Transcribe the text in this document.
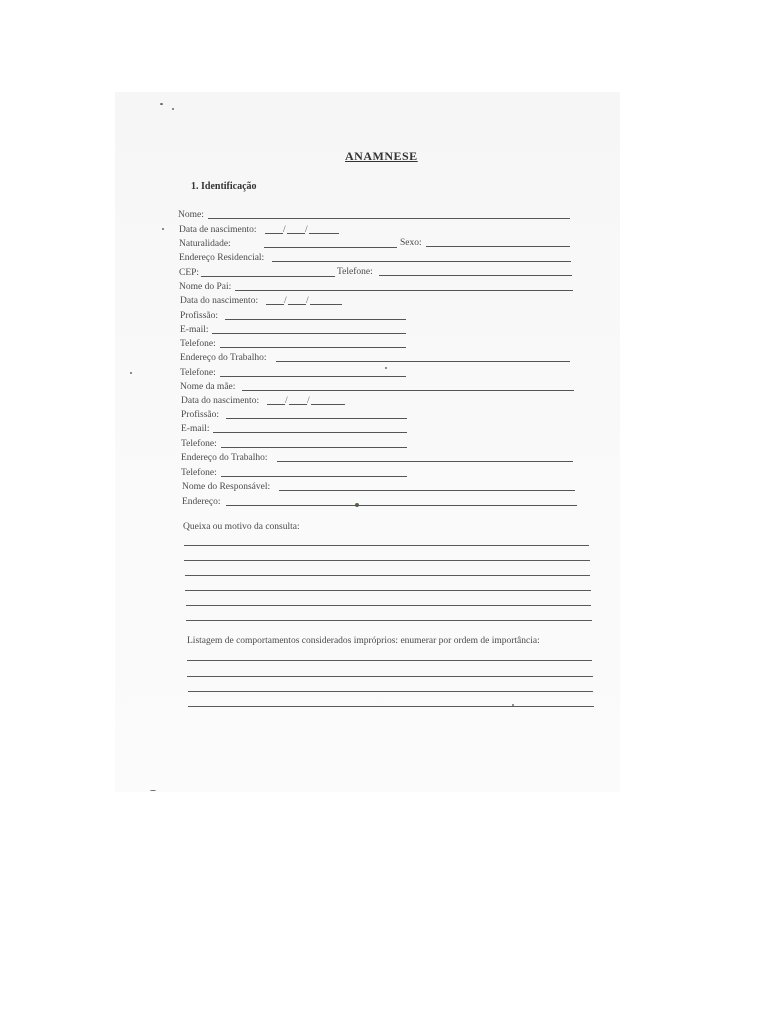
ANAMNESE
1. Identificação
Nome:
Data de nascimento:	/ /
Naturalidade:	Sexo:
Endereço Residencial:
CEP:	Telefone:
Nome do Pai:
Data do nascimento:	/ /
Profissão:
E-mail:
Telefone:
Endereço do Trabalho:
Telefone:
Nome da mãe:
Data do nascimento:	/ /
Profissão:
E-mail:
Telefone:
Endereço do Trabalho:
Telefone:
Nome do Responsável:
Endereço:
Queixa ou motivo da consulta:
Listagem de comportamentos considerados impróprios: enumerar por ordem de importância:
